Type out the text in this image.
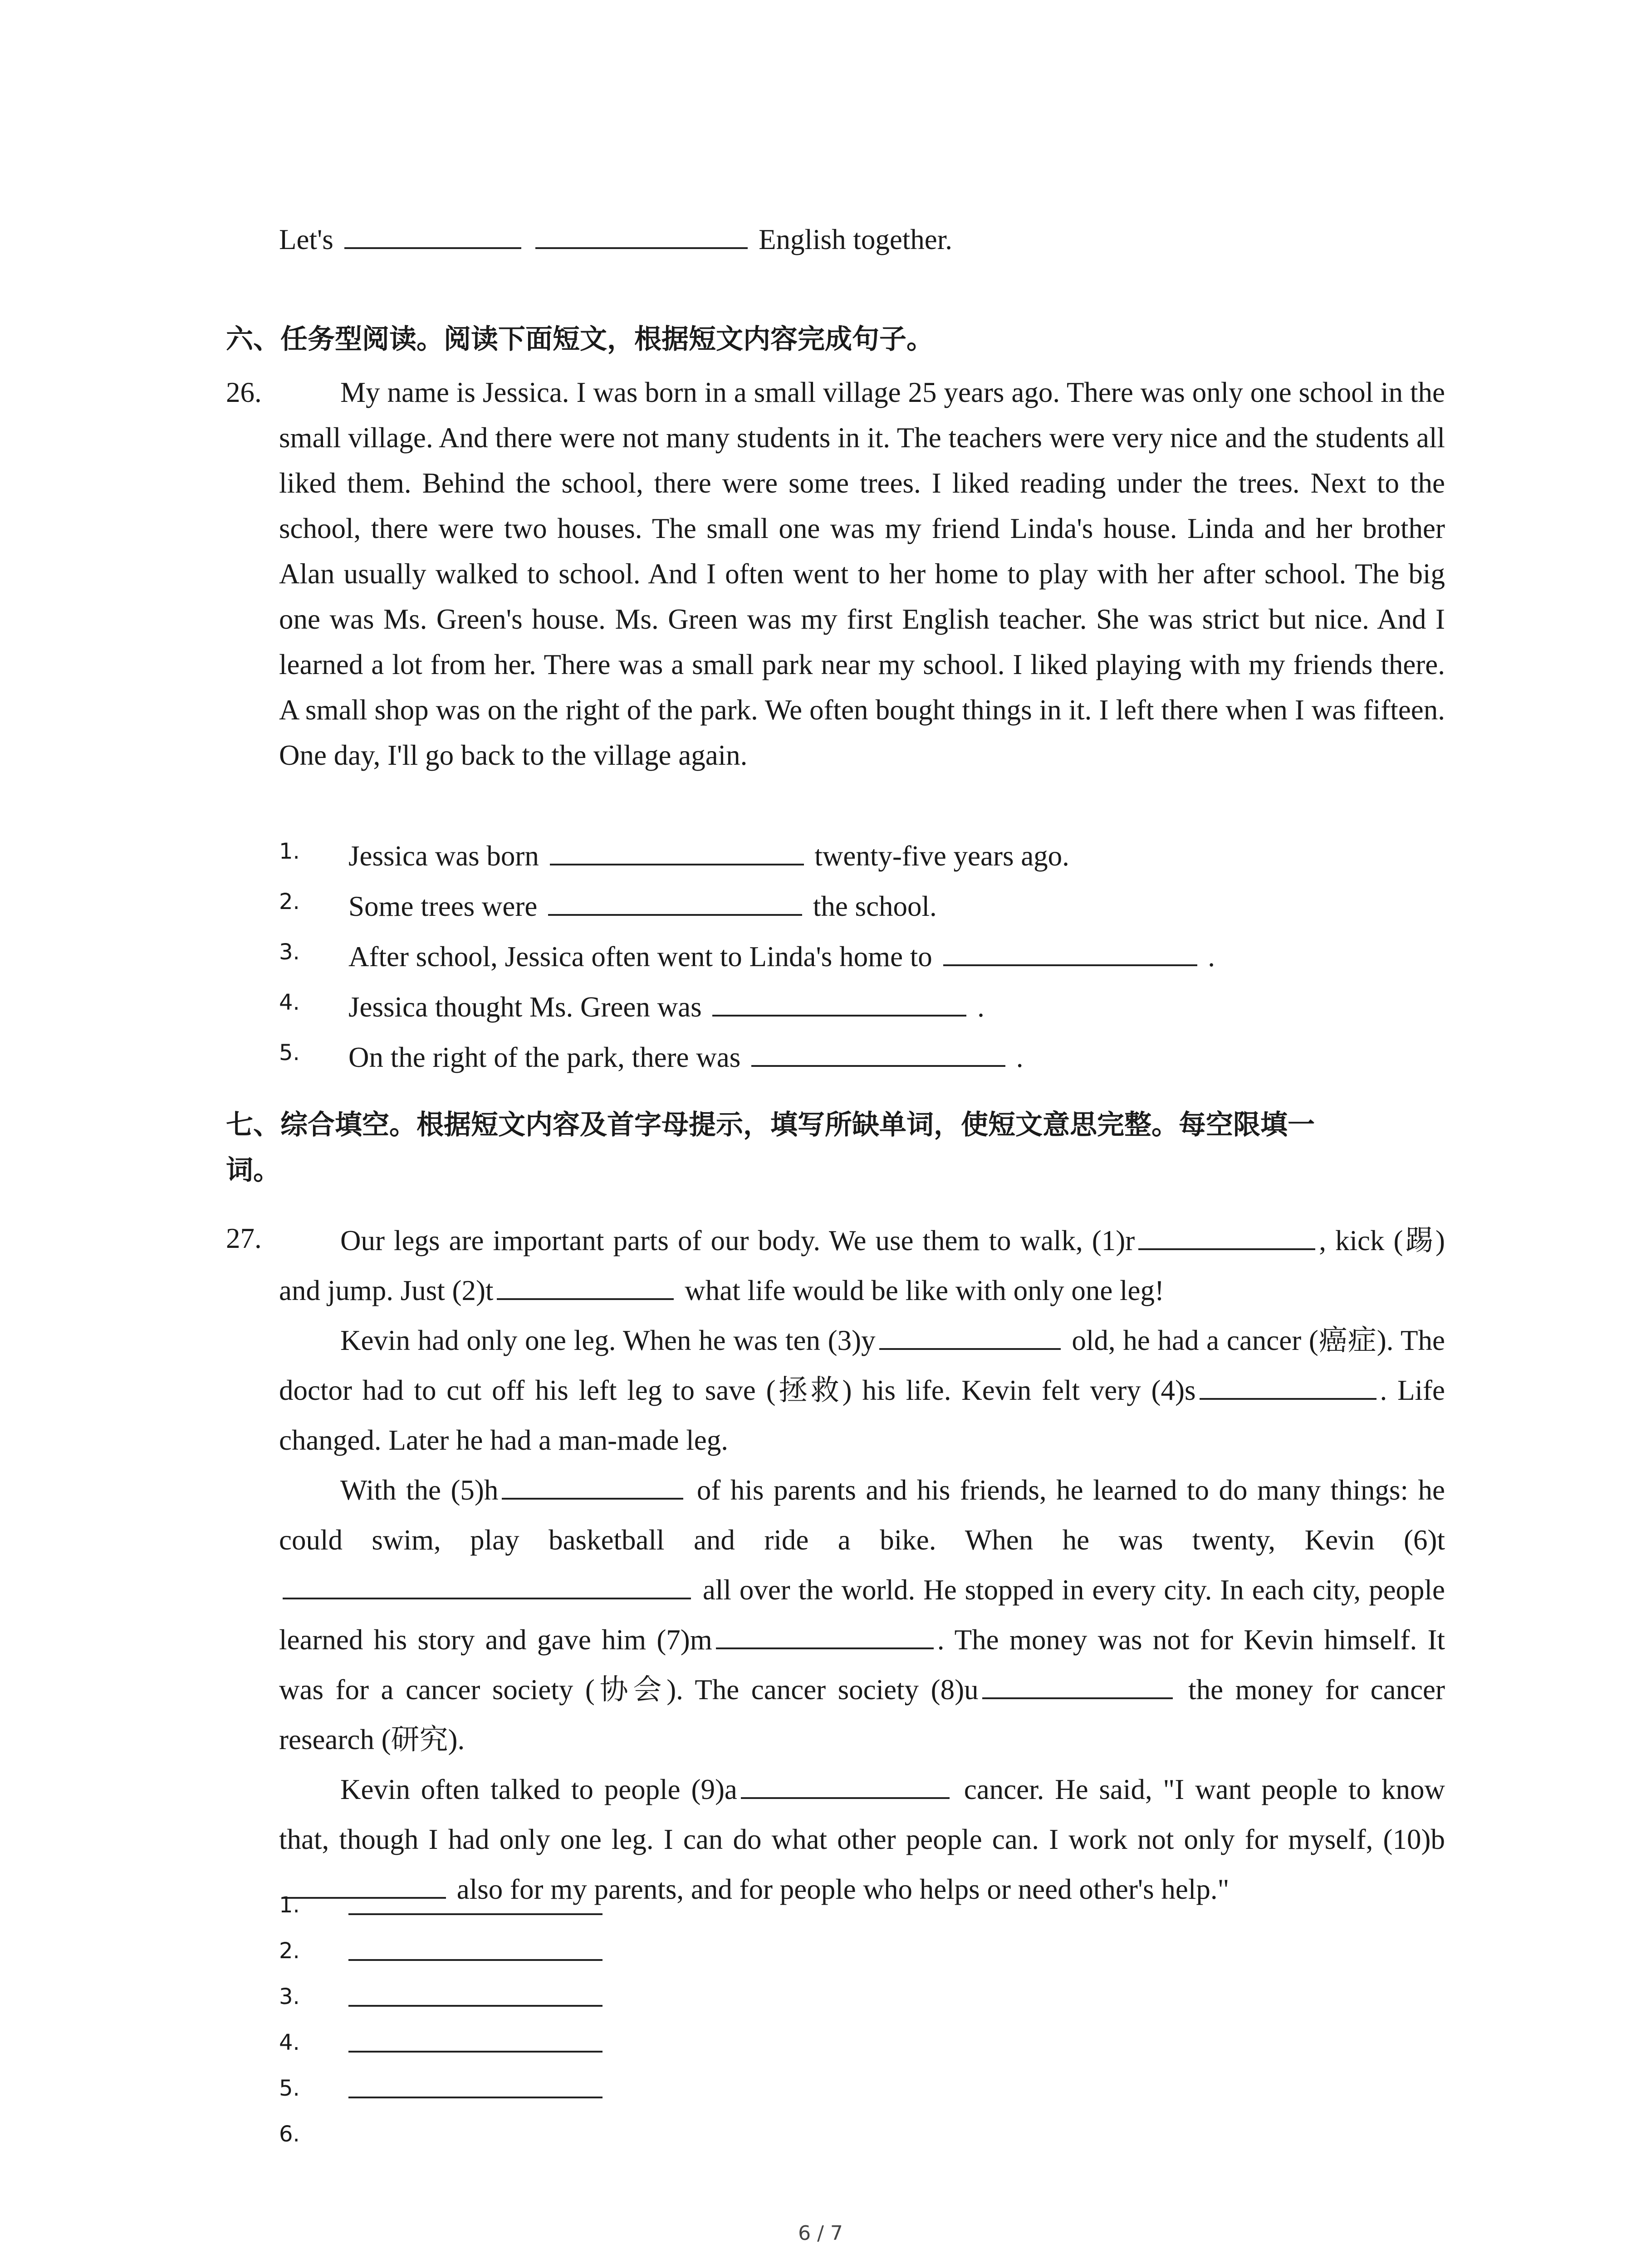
Let's	English together.
六、任务型阅读。阅读下面短文，根据短文内容完成句子。
26.	My name is Jessica. I was born in a small village 25 years ago. There was only one school in the small village. And there were not many students in it. The teachers were very nice and the students all liked them. Behind the school, there were some trees. I liked reading under the trees. Next to the school, there were two houses. The small one was my friend Linda's house. Linda and her brother Alan usually walked to school. And I often went to her home to play with her after school. The big one was Ms. Green's house. Ms. Green was my first English teacher. She was strict but nice. And I learned a lot from her. There was a small park near my school. I liked playing with my friends there. A small shop was on the right of the park. We often bought things in it. I left there when I was fifteen. One day, I'll go back to the village again.

1. Jessica was born	twenty-five years ago.
2. Some trees were	the school.
3. After school, Jessica often went to Linda's home to	.
4. Jessica thought Ms. Green was	.
5. On the right of the park, there was	.
七、综合填空。根据短文内容及首字母提示，填写所缺单词，使短文意思完整。每空限填一
词。
27.	Our legs are important parts of our body. We use them to walk, (1)r	, kick (踢) and jump. Just (2)t	what life would be like with only one leg!

Kevin had only one leg. When he was ten (3)y	old, he had a cancer (癌症). The doctor had to cut off his left leg to save (拯救) his life. Kevin felt very (4)s	. Life changed. Later he had a man-made leg.

With the (5)h	of his parents and his friends, he learned to do many things: he could swim, play basketball and ride a bike. When he was twenty, Kevin (6)t all over the world. He stopped in every city. In each city, people learned his story and gave him (7)m	. The money was not for Kevin himself. It was for a cancer society (协会). The cancer society (8)u	the money for cancer research (研究).

Kevin often talked to people (9)a	cancer. He said, "I want people to know that, though I had only one leg. I can do what other people can. I work not only for myself, (10)b also for my parents, and for people who helps or need other's help."

1.
2.
3.
4.
5.
6.
6 / 7
